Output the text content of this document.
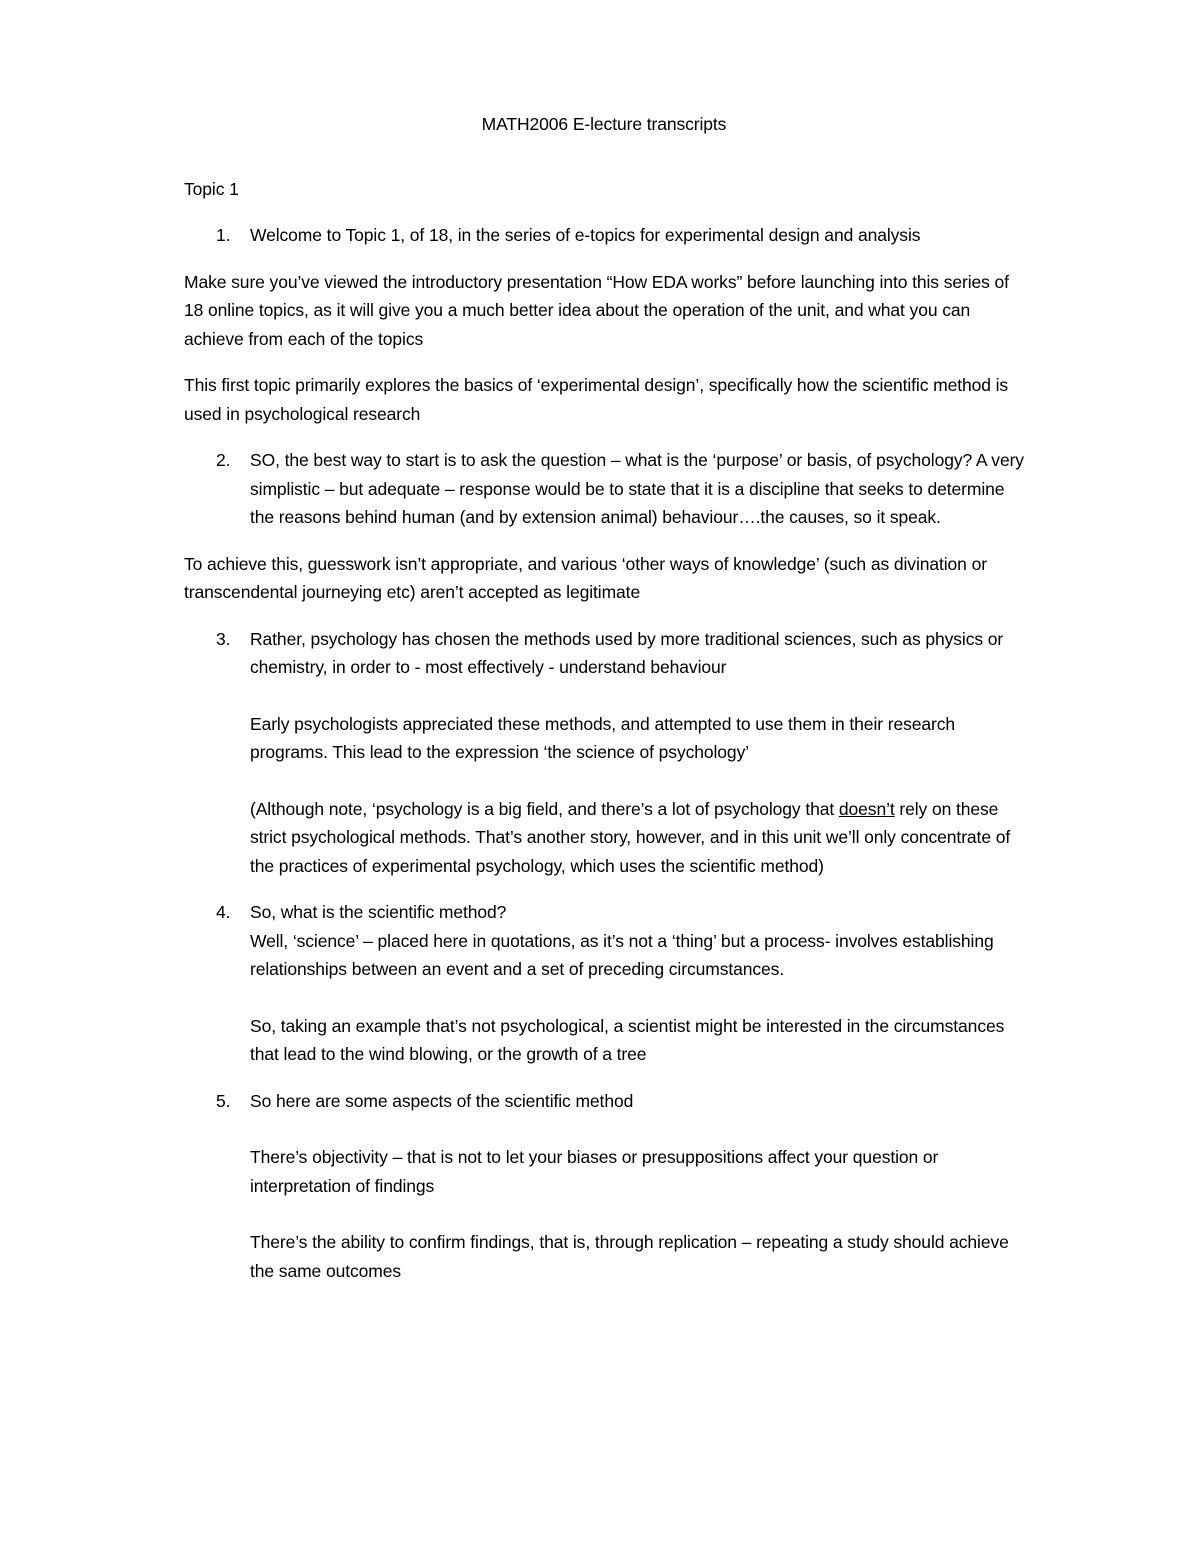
MATH2006 E-lecture transcripts
Topic 1
1. Welcome to Topic 1, of 18, in the series of e-topics for experimental design and analysis
Make sure you’ve viewed the introductory presentation “How EDA works” before launching into this series of 18 online topics, as it will give you a much better idea about the operation of the unit, and what you can achieve from each of the topics
This first topic primarily explores the basics of ‘experimental design’, specifically how the scientific method is used in psychological research
2. SO, the best way to start is to ask the question – what is the ‘purpose’ or basis, of psychology? A very simplistic – but adequate – response would be to state that it is a discipline that seeks to determine the reasons behind human (and by extension animal) behaviour….the causes, so it speak.
To achieve this, guesswork isn’t appropriate, and various ‘other ways of knowledge’ (such as divination or transcendental journeying etc) aren’t accepted as legitimate
3. Rather, psychology has chosen the methods used by more traditional sciences, such as physics or chemistry, in order to - most effectively - understand behaviour
Early psychologists appreciated these methods, and attempted to use them in their research programs. This lead to the expression ‘the science of psychology’
(Although note, ‘psychology is a big field, and there’s a lot of psychology that doesn’t rely on these strict psychological methods. That’s another story, however, and in this unit we’ll only concentrate of the practices of experimental psychology, which uses the scientific method)
4. So, what is the scientific method?
Well, ‘science’ – placed here in quotations, as it’s not a ‘thing’ but a process- involves establishing relationships between an event and a set of preceding circumstances.
So, taking an example that’s not psychological, a scientist might be interested in the circumstances that lead to the wind blowing, or the growth of a tree
5. So here are some aspects of the scientific method
There’s objectivity – that is not to let your biases or presuppositions affect your question or interpretation of findings
There’s the ability to confirm findings, that is, through replication – repeating a study should achieve the same outcomes
